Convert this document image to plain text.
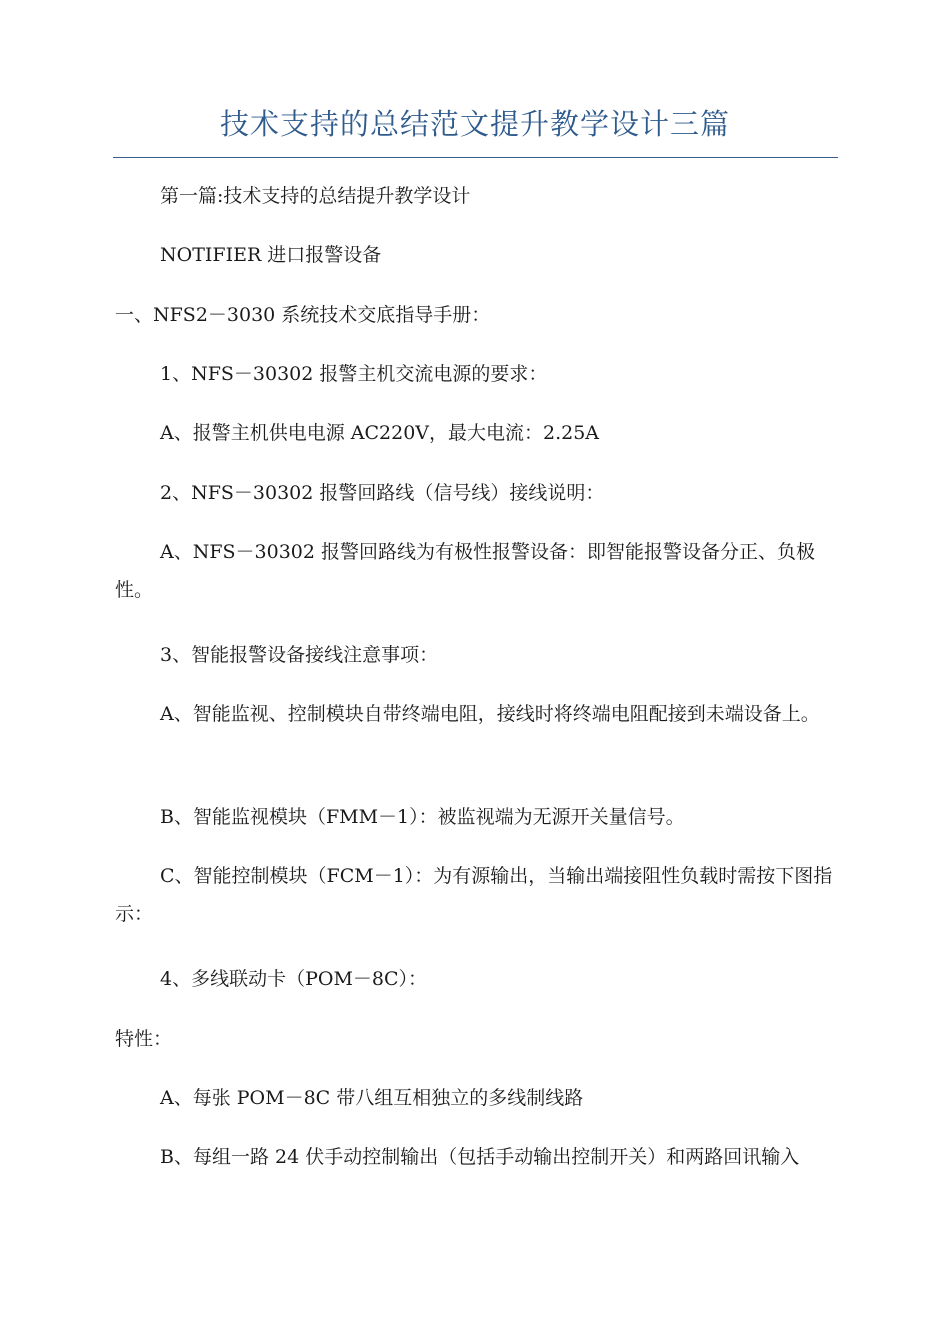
技术支持的总结范文提升教学设计三篇

第一篇:技术支持的总结提升教学设计

NOTIFIER 进口报警设备

一、NFS2－3030 系统技术交底指导手册：

1、NFS－30302 报警主机交流电源的要求：

A、报警主机供电电源 AC220V，最大电流：2.25A

2、NFS－30302 报警回路线（信号线）接线说明：

A、NFS－30302 报警回路线为有极性报警设备：即智能报警设备分正、负极性。

3、智能报警设备接线注意事项：

A、智能监视、控制模块自带终端电阻，接线时将终端电阻配接到未端设备上。

B、智能监视模块（FMM－1）：被监视端为无源开关量信号。

C、智能控制模块（FCM－1）：为有源输出，当输出端接阻性负载时需按下图指示：

4、多线联动卡（POM－8C）：

特性：

A、每张 POM－8C 带八组互相独立的多线制线路

B、每组一路 24 伏手动控制输出（包括手动输出控制开关）和两路回讯输入
